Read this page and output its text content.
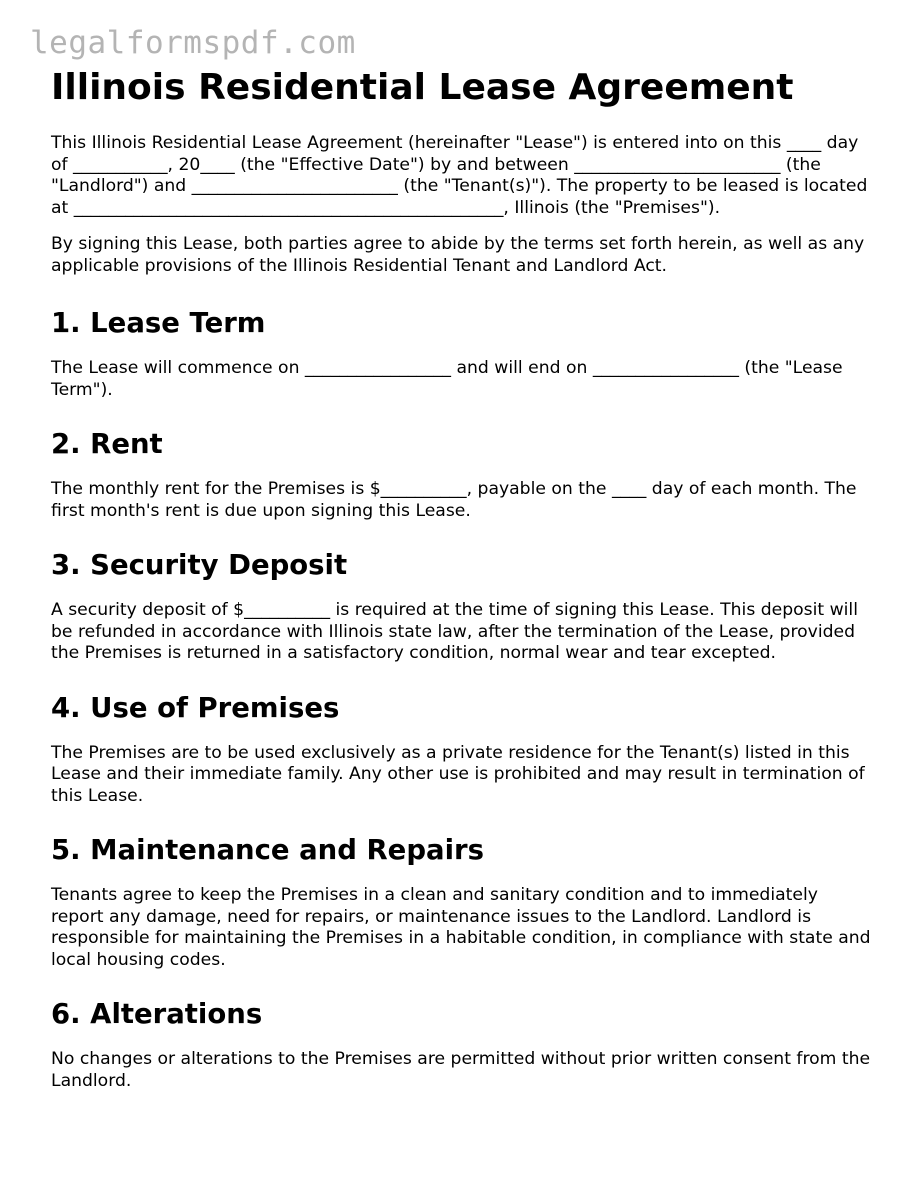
legalformspdf.com
Illinois Residential Lease Agreement

This Illinois Residential Lease Agreement (hereinafter "Lease") is entered into on this ____ day of ___________, 20____ (the "Effective Date") by and between ________________________ (the "Landlord") and ________________________ (the "Tenant(s)"). The property to be leased is located at __________________________________________________, Illinois (the "Premises").

By signing this Lease, both parties agree to abide by the terms set forth herein, as well as any applicable provisions of the Illinois Residential Tenant and Landlord Act.

1. Lease Term

The Lease will commence on _________________ and will end on _________________ (the "Lease Term").

2. Rent

The monthly rent for the Premises is $__________, payable on the ____ day of each month. The first month's rent is due upon signing this Lease.

3. Security Deposit

A security deposit of $__________ is required at the time of signing this Lease. This deposit will be refunded in accordance with Illinois state law, after the termination of the Lease, provided the Premises is returned in a satisfactory condition, normal wear and tear excepted.

4. Use of Premises

The Premises are to be used exclusively as a private residence for the Tenant(s) listed in this Lease and their immediate family. Any other use is prohibited and may result in termination of this Lease.

5. Maintenance and Repairs

Tenants agree to keep the Premises in a clean and sanitary condition and to immediately report any damage, need for repairs, or maintenance issues to the Landlord. Landlord is responsible for maintaining the Premises in a habitable condition, in compliance with state and local housing codes.

6. Alterations

No changes or alterations to the Premises are permitted without prior written consent from the Landlord.
